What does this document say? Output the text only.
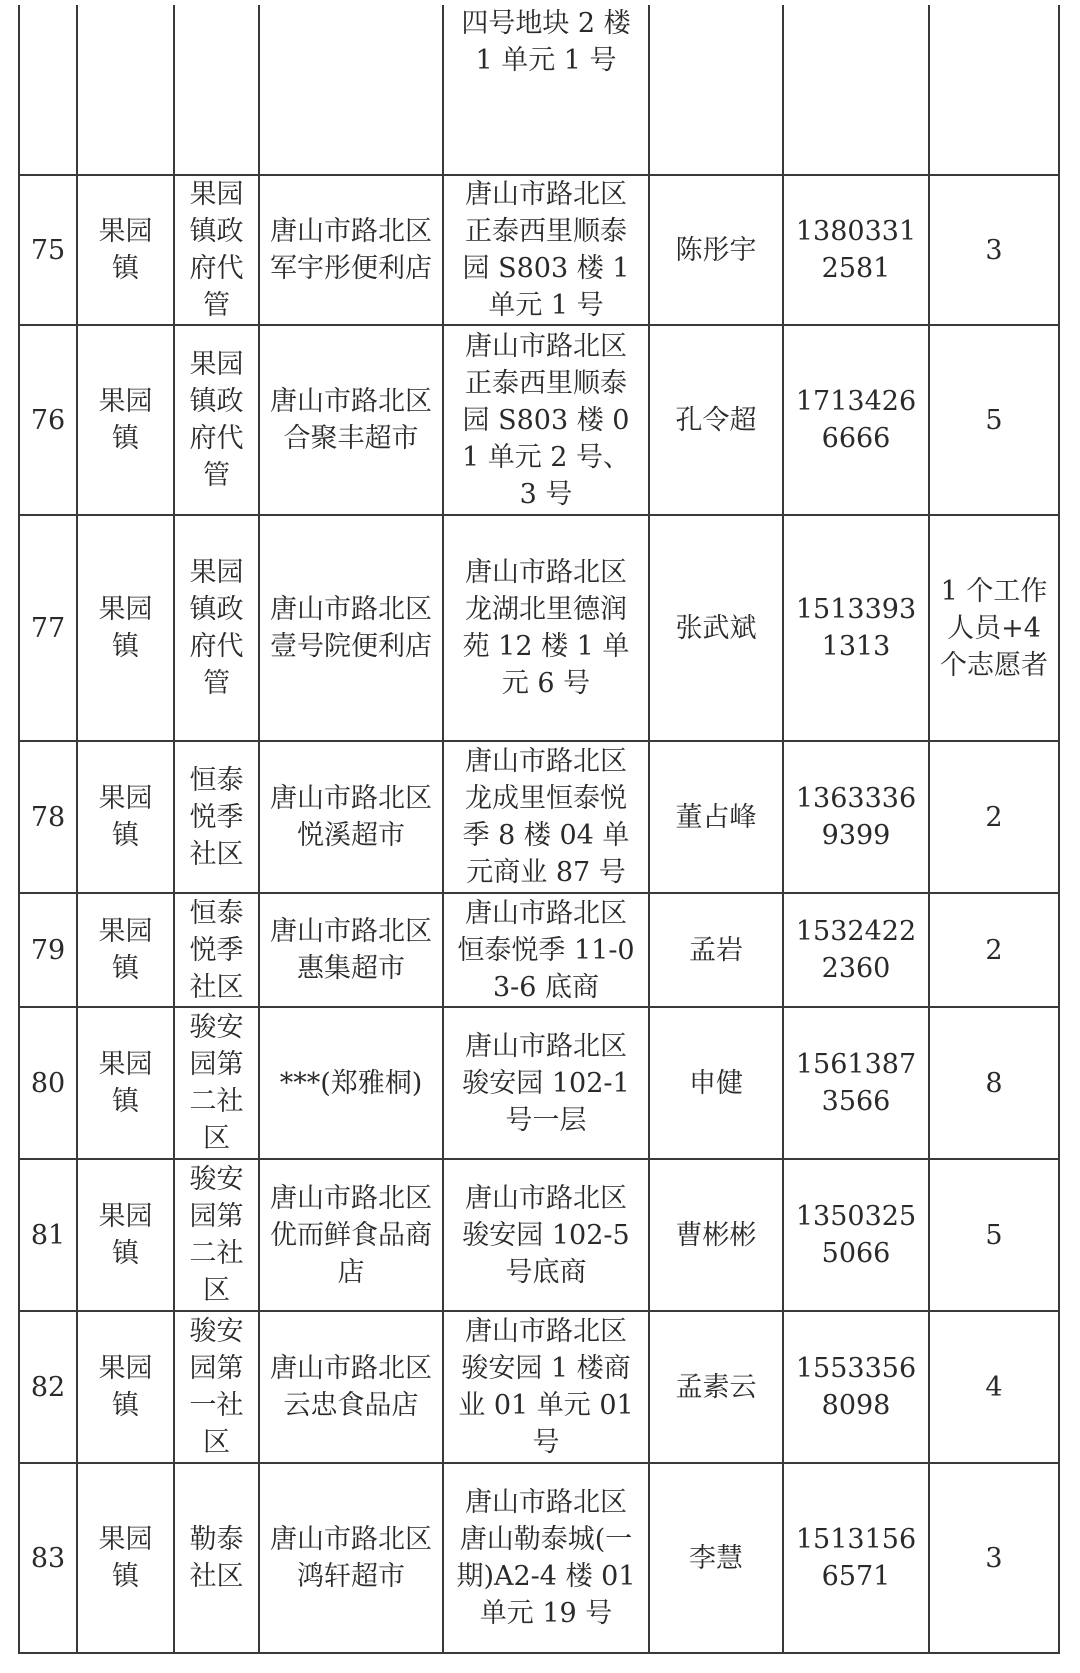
				四号地块 2 楼 1 单元 1 号			
75	果园镇	果园镇政府代管	唐山市路北区军宇彤便利店	唐山市路北区正泰西里顺泰园 S803 楼 1 单元 1 号	陈彤宇	13803312581	3
76	果园镇	果园镇政府代管	唐山市路北区合聚丰超市	唐山市路北区正泰西里顺泰园 S803 楼 01 单元 2 号、3 号	孔令超	17134266666	5
77	果园镇	果园镇政府代管	唐山市路北区壹号院便利店	唐山市路北区龙湖北里德润苑 12 楼 1 单元 6 号	张武斌	15133931313	1 个工作人员+4 个志愿者
78	果园镇	恒泰悦季社区	唐山市路北区悦溪超市	唐山市路北区龙成里恒泰悦季 8 楼 04 单元商业 87 号	董占峰	13633369399	2
79	果园镇	恒泰悦季社区	唐山市路北区惠集超市	唐山市路北区恒泰悦季 11-03-6 底商	孟岩	15324222360	2
80	果园镇	骏安园第二社区	***(郑雅桐)	唐山市路北区骏安园 102-1 号一层	申健	15613873566	8
81	果园镇	骏安园第二社区	唐山市路北区优而鲜食品商店	唐山市路北区骏安园 102-5 号底商	曹彬彬	13503255066	5
82	果园镇	骏安园第一社区	唐山市路北区云忠食品店	唐山市路北区骏安园 1 楼商业 01 单元 01 号	孟素云	15533568098	4
83	果园镇	勒泰社区	唐山市路北区鸿轩超市	唐山市路北区唐山勒泰城(一期)A2-4 楼 01 单元 19 号	李慧	15131566571	3
